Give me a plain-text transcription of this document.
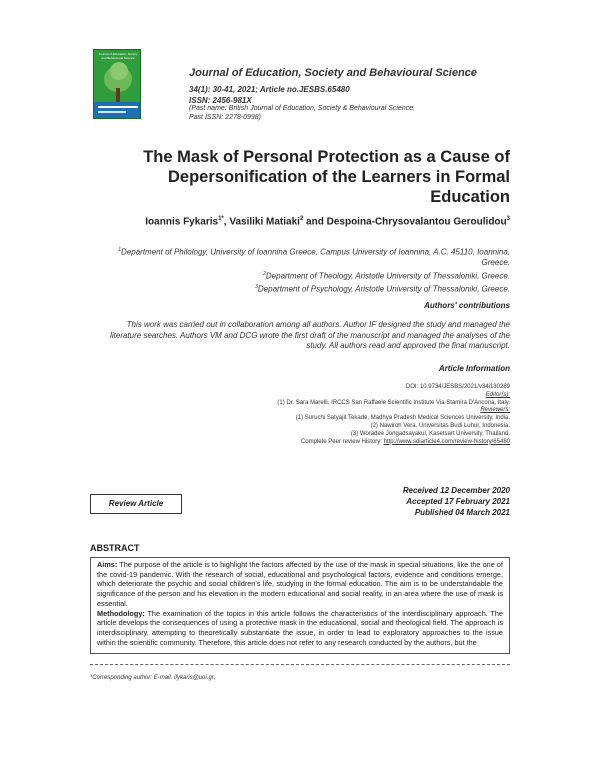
Journal of Education, Society and Behavioural Science
Journal of Education, Society and Behavioural Science
34(1): 30-41, 2021; Article no.JESBS.65480
ISSN: 2456-981X
(Past name: British Journal of Education, Society & Behavioural Science,
Past ISSN: 2278-0998)
The Mask of Personal Protection as a Cause of Depersonification of the Learners in Formal Education
Ioannis Fykaris$^{1*}$, Vasiliki Matiaki$^2$ and Despoina-Chrysovalantou Geroulidou$^3$
$^1$Department of Philology, University of Ioannina Greece, Campus University of Ioannina, A.C. 45110, Ioannina, Greece.
$^2$Department of Theology, Aristotle University of Thessaloniki, Greece.
$^3$Department of Psychology, Aristotle University of Thessaloniki, Greece.
Authors' contributions
This work was carried out in collaboration among all authors. Author IF designed the study and managed the literature searches. Authors VM and DCG wrote the first draft of the manuscript and managed the analyses of the study. All authors read and approved the final manuscript.
Article Information
DOI: 10.9734/JESBS/2021/v34i130289
Editor(s):
(1) Dr. Sara Marelli, IRCCS San Raffaele Scientific Institute Via Stamira D'Ancona, Italy.
Reviewers:
(1) Suruchi Satyajit Tekade, Madhya Pradesh Medical Sciences University, India.
(2) Nawiroh Vera, Universitas Budi Luhur, Indonesia.
(3) Woradee Jongadsayakul, Kasetsart University, Thailand.
Complete Peer review History: http://www.sdiarticle4.com/review-history/65480
Review Article
Received 12 December 2020
Accepted 17 February 2021
Published 04 March 2021
ABSTRACT
Aims: The purpose of the article is to highlight the factors affected by the use of the mask in special situations, like the one of the covid-19 pandemic. With the research of social, educational and psychological factors, evidence and conditions emerge, which deteriorate the psychic and social children's life, studying in the formal education. The aim is to be understandable the significance of the person and his elevation in the modern educational and social reality, in an area where the use of mask is essential.
Methodology: The examination of the topics in this article follows the characteristics of the interdisciplinary approach. The article develops the consequences of using a protective mask in the educational, social and theological field. The approach is interdisciplinary, attempting to theoretically substantiate the issue, in order to lead to exploratory approaches to the issue within the scientific community. Therefore, this article does not refer to any research conducted by the authors, but the
*Corresponding author: E-mail: ifykaris@uoi.gr;
